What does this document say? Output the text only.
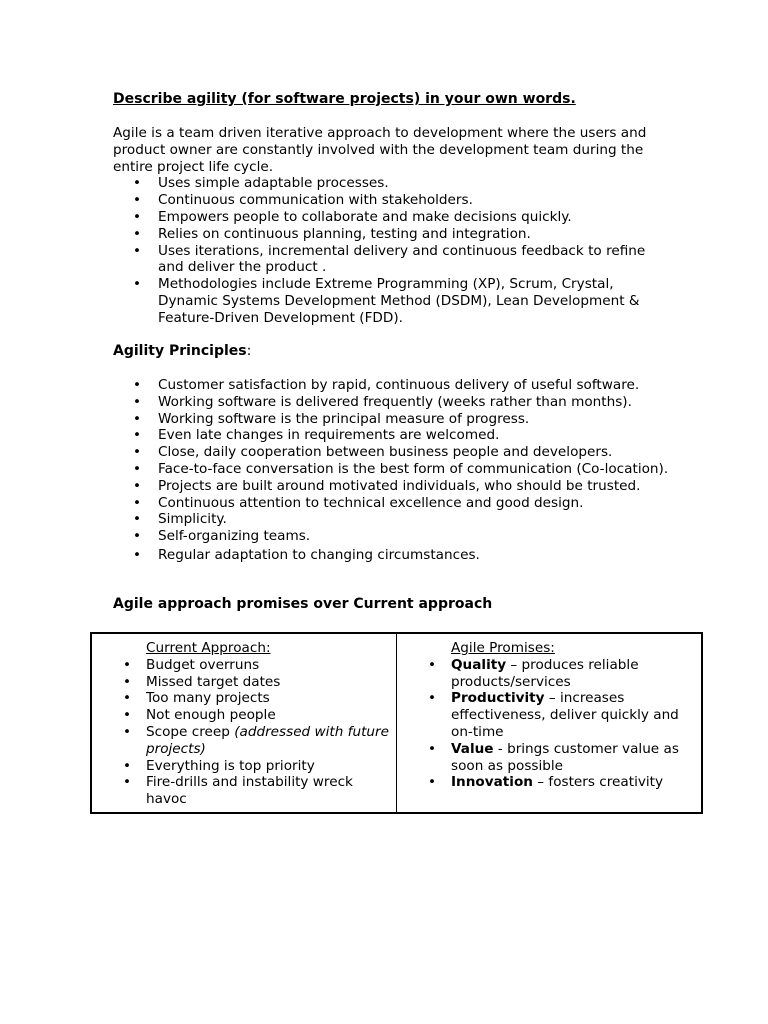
Describe agility (for software projects) in your own words.

Agile is a team driven iterative approach to development where the users and product owner are constantly involved with the development team during the entire project life cycle.

• Uses simple adaptable processes.
• Continuous communication with stakeholders.
• Empowers people to collaborate and make decisions quickly.
• Relies on continuous planning, testing and integration.
• Uses iterations, incremental delivery and continuous feedback to refine and deliver the product .
• Methodologies include Extreme Programming (XP), Scrum, Crystal, Dynamic Systems Development Method (DSDM), Lean Development & Feature-Driven Development (FDD).
Agility Principles:
• Customer satisfaction by rapid, continuous delivery of useful software.
• Working software is delivered frequently (weeks rather than months).
• Working software is the principal measure of progress.
• Even late changes in requirements are welcomed.
• Close, daily cooperation between business people and developers.
• Face-to-face conversation is the best form of communication (Co-location).
• Projects are built around motivated individuals, who should be trusted.
• Continuous attention to technical excellence and good design.
• Simplicity.
• Self-organizing teams.
• Regular adaptation to changing circumstances.
Agile approach promises over Current approach
Current Approach:
• Budget overruns
• Missed target dates
• Too many projects
• Not enough people
• Scope creep (addressed with future projects)
• Everything is top priority
• Fire-drills and instability wreck havoc

Agile Promises:
• Quality – produces reliable products/services
• Productivity – increases effectiveness, deliver quickly and on-time
• Value - brings customer value as soon as possible
• Innovation – fosters creativity
